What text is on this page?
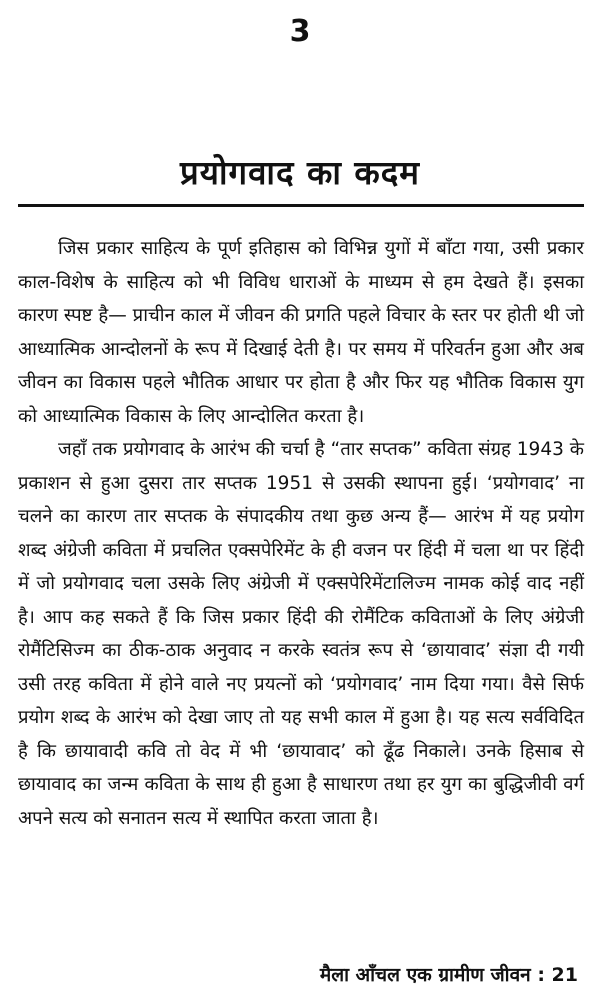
3
प्रयोगवाद का कदम

जिस प्रकार साहित्य के पूर्ण इतिहास को विभिन्न युगों में बाँटा गया, उसी प्रकार काल-विशेष के साहित्य को भी विविध धाराओं के माध्यम से हम देखते हैं। इसका कारण स्पष्ट है— प्राचीन काल में जीवन की प्रगति पहले विचार के स्तर पर होती थी जो आध्यात्मिक आन्दोलनों के रूप में दिखाई देती है। पर समय में परिवर्तन हुआ और अब जीवन का विकास पहले भौतिक आधार पर होता है और फिर यह भौतिक विकास युग को आध्यात्मिक विकास के लिए आन्दोलित करता है।

जहाँ तक प्रयोगवाद के आरंभ की चर्चा है “तार सप्तक” कविता संग्रह 1943 के प्रकाशन से हुआ दुसरा तार सप्तक 1951 से उसकी स्थापना हुई। ‘प्रयोगवाद’ ना चलने का कारण तार सप्तक के संपादकीय तथा कुछ अन्य हैं— आरंभ में यह प्रयोग शब्द अंग्रेजी कविता में प्रचलित एक्सपेरिमेंट के ही वजन पर हिंदी में चला था पर हिंदी में जो प्रयोगवाद चला उसके लिए अंग्रेजी में एक्सपेरिमेंटालिज्म नामक कोई वाद नहीं है। आप कह सकते हैं कि जिस प्रकार हिंदी की रोमैंटिक कविताओं के लिए अंग्रेजी रोमैंटिसिज्म का ठीक-ठाक अनुवाद न करके स्वतंत्र रूप से ‘छायावाद’ संज्ञा दी गयी उसी तरह कविता में होने वाले नए प्रयत्नों को ‘प्रयोगवाद’ नाम दिया गया। वैसे सिर्फ प्रयोग शब्द के आरंभ को देखा जाए तो यह सभी काल में हुआ है। यह सत्य सर्वविदित है कि छायावादी कवि तो वेद में भी ‘छायावाद’ को ढूँढ निकाले। उनके हिसाब से छायावाद का जन्म कविता के साथ ही हुआ है साधारण तथा हर युग का बुद्धिजीवी वर्ग अपने सत्य को सनातन सत्य में स्थापित करता जाता है।

मैला आँचल एक ग्रामीण जीवन : 21
